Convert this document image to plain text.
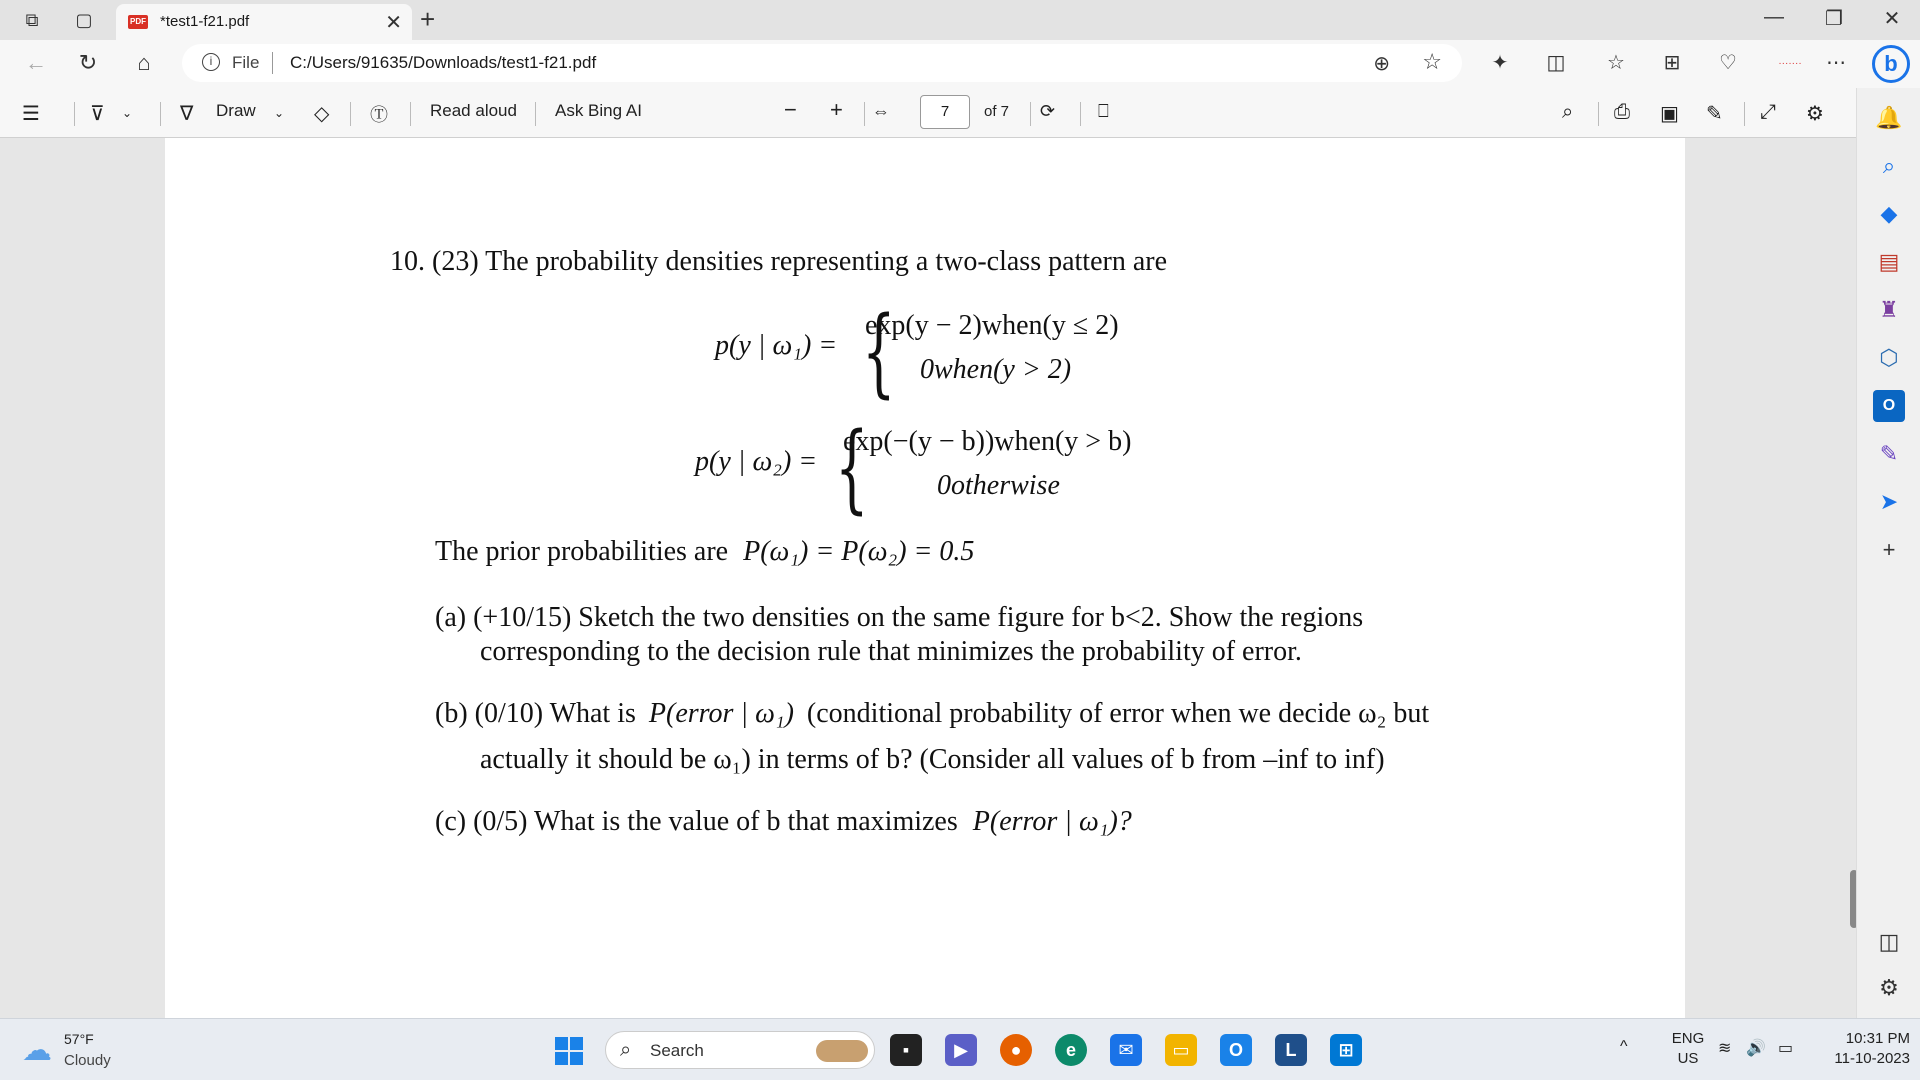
⧉	▢	PDF *test1-f21.pdf	✕ +	—	❐	✕
←	↻	⌂	i	File C:/Users/91635/Downloads/test1-f21.pdf	⊕ ☆	✦	◫	☆	⊞	♡	·······	⋯	b
☰	⊽ ⌄ ∇ Draw ⌄ ◇ Ⓣ Read aloud Ask Bing AI	− + ⇔	7	of 7 ⟳ ⎕	⌕ ⎙ ▣ ✎ ⤢ ⚙
10. (23) The probability densities representing a two-class pattern are
p(y | ω₁) = {
exp(y − 2)when(y ≤ 2)
0when(y > 2)
p(y | ω₂) = {
exp(−(y − b))when(y > b)
0otherwise
The prior probabilities are P(ω₁) = P(ω₂) = 0.5
(a) (+10/15) Sketch the two densities on the same figure for b<2. Show the regions
corresponding to the decision rule that minimizes the probability of error.
(b) (0/10) What is P(error | ω₁) (conditional probability of error when we decide ω₂ but
actually it should be ω₁) in terms of b? (Consider all values of b from –inf to inf)
(c) (0/5) What is the value of b that maximizes P(error | ω₁)?
🔔
⌕
◆
▤
♜
⬡
O
✎
➤
+
◫
⚙
☁ 57°F
Cloudy	⌕ Search	▪	▶	●	e	✉	▭	O	L	⊞	^	ENG
US
≋ 🔊 ▭
10:31 PM
11-10-2023
